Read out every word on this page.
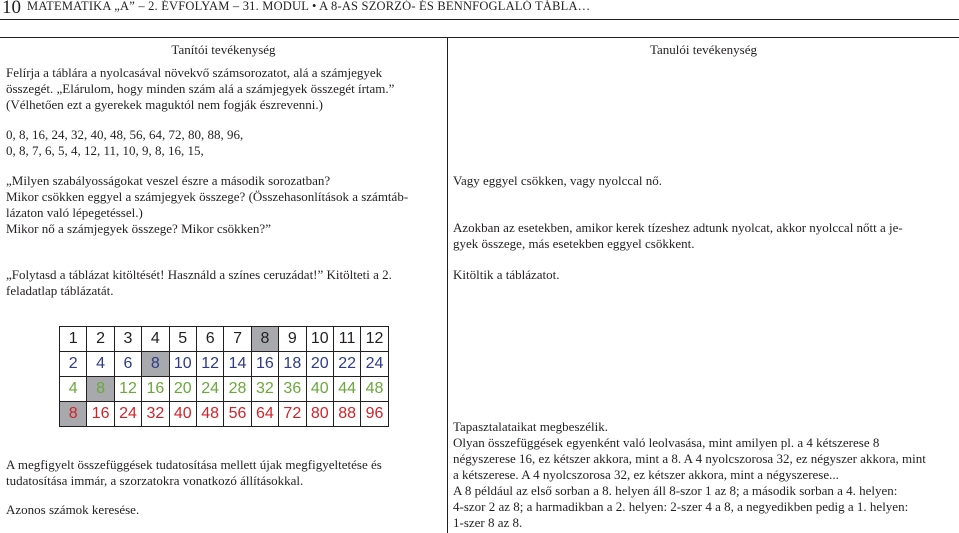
10 MATEMATIKA „A” – 2. ÉVFOLYAM – 31. MODUL • A 8-AS SZORZÓ- ÉS BENNFOGLALÓ TÁBLA…
Tanítói tevékenység	Tanulói tevékenység

Felírja a táblára a nyolcasával növekvő számsorozatot, alá a számjegyek

összegét. „Elárulom, hogy minden szám alá a számjegyek összegét írtam.”

(Vélhetően ezt a gyerekek maguktól nem fogják észrevenni.)

0, 8, 16, 24, 32, 40, 48, 56, 64, 72, 80, 88, 96,

0, 8, 7, 6, 5, 4, 12, 11, 10, 9, 8, 16, 15,

„Milyen szabályosságokat veszel észre a második sorozatban?

Mikor csökken eggyel a számjegyek összege? (Összehasonlítások a számtáb-

lázaton való lépegetéssel.)

Mikor nő a számjegyek összege? Mikor csökken?”

„Folytasd a táblázat kitöltését! Használd a színes ceruzádat!” Kitölteti a 2.

feladatlap táblázatát.

1	2	3	4	5	6	7	8	9	10	11	12
2	4	6	8	10	12	14	16	18	20	22	24
4	8	12	16	20	24	28	32	36	40	44	48
8	16	24	32	40	48	56	64	72	80	88	96

A megfigyelt összefüggések tudatosítása mellett újak megfigyeltetése és

tudatosítása immár, a szorzatokra vonatkozó állításokkal.

Azonos számok keresése.
Vagy eggyel csökken, vagy nyolccal nő.

Azokban az esetekben, amikor kerek tízeshez adtunk nyolcat, akkor nyolccal nőtt a je-

gyek összege, más esetekben eggyel csökkent.

Kitöltik a táblázatot.

Tapasztalataikat megbeszélik.

Olyan összefüggések egyenként való leolvasása, mint amilyen pl. a 4 kétszerese 8

négyszerese 16, ez kétszer akkora, mint a 8. A 4 nyolcszorosa 32, ez négyszer akkora, mint

a kétszerese. A 4 nyolcszorosa 32, ez kétszer akkora, mint a négyszerese...

A 8 például az első sorban a 8. helyen áll 8-szor 1 az 8; a második sorban a 4. helyen:

4-szor 2 az 8; a harmadikban a 2. helyen: 2-szer 4 a 8, a negyedikben pedig a 1. helyen:

1-szer 8 az 8.
